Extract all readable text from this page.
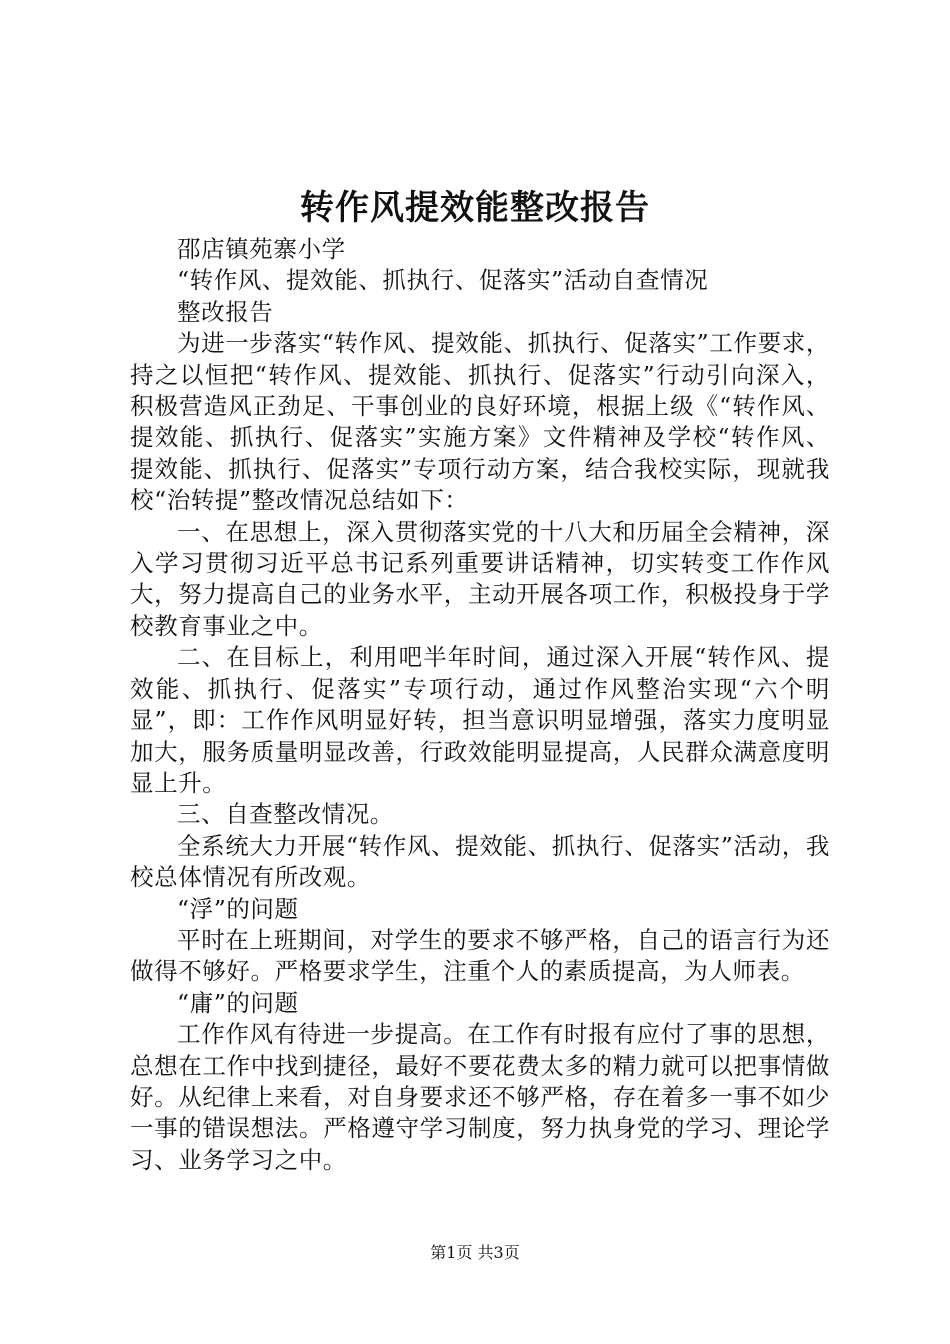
转作风提效能整改报告

邵店镇苑寨小学

“转作风、提效能、抓执行、促落实”活动自查情况

整改报告

为进一步落实“转作风、提效能、抓执行、促落实”工作要求，持之以恒把“转作风、提效能、抓执行、促落实”行动引向深入，积极营造风正劲足、干事创业的良好环境，根据上级《“转作风、提效能、抓执行、促落实”实施方案》文件精神及学校“转作风、提效能、抓执行、促落实”专项行动方案，结合我校实际，现就我校“治转提”整改情况总结如下：

一、在思想上，深入贯彻落实党的十八大和历届全会精神，深入学习贯彻习近平总书记系列重要讲话精神，切实转变工作作风大，努力提高自己的业务水平，主动开展各项工作，积极投身于学校教育事业之中。

二、在目标上，利用吧半年时间，通过深入开展“转作风、提效能、抓执行、促落实”专项行动，通过作风整治实现“六个明显”，即：工作作风明显好转，担当意识明显增强，落实力度明显加大，服务质量明显改善，行政效能明显提高，人民群众满意度明显上升。

三、自查整改情况。

全系统大力开展“转作风、提效能、抓执行、促落实”活动，我校总体情况有所改观。

“浮”的问题

平时在上班期间，对学生的要求不够严格，自己的语言行为还做得不够好。严格要求学生，注重个人的素质提高，为人师表。

“庸”的问题

工作作风有待进一步提高。在工作有时报有应付了事的思想，总想在工作中找到捷径，最好不要花费太多的精力就可以把事情做好。从纪律上来看，对自身要求还不够严格，存在着多一事不如少一事的错误想法。严格遵守学习制度，努力执身党的学习、理论学习、业务学习之中。

第1页 共3页
